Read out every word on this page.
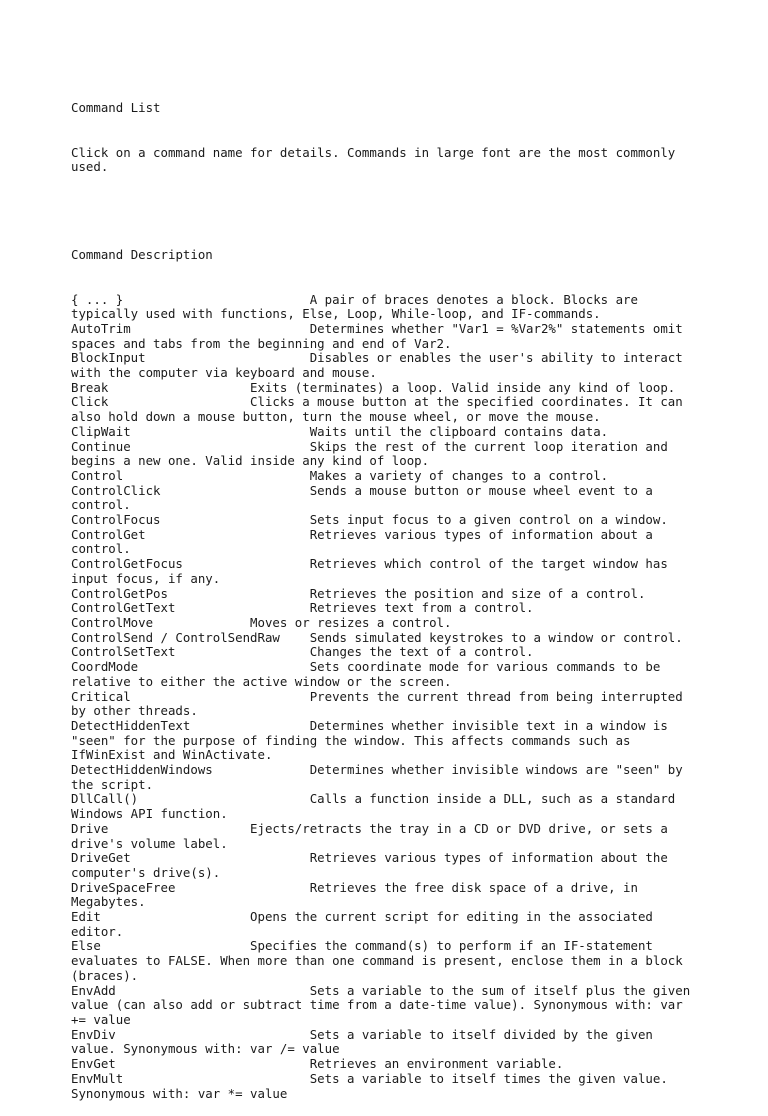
Command List

Click on a command name for details. Commands in large font are the most commonly used.

Command	Description

{ ... }				A pair of braces denotes a block. Blocks are typically used with functions, Else, Loop, While-loop, and IF-commands.
AutoTrim			Determines whether "Var1 = %Var2%" statements omit spaces and tabs from the beginning and end of Var2.
BlockInput			Disables or enables the user's ability to interact with the computer via keyboard and mouse.
Break			Exits (terminates) a loop. Valid inside any kind of loop.
Click			Clicks a mouse button at the specified coordinates. It can also hold down a mouse button, turn the mouse wheel, or move the mouse.
ClipWait			Waits until the clipboard contains data.
Continue			Skips the rest of the current loop iteration and begins a new one. Valid inside any kind of loop.
Control				Makes a variety of changes to a control.
ControlClick			Sends a mouse button or mouse wheel event to a control.
ControlFocus			Sets input focus to a given control on a window.
ControlGet			Retrieves various types of information about a control.
ControlGetFocus			Retrieves which control of the target window has input focus, if any.
ControlGetPos			Retrieves the position and size of a control.
ControlGetText			Retrieves text from a control.
ControlMove		Moves or resizes a control.
ControlSend / ControlSendRaw	Sends simulated keystrokes to a window or control.
ControlSetText			Changes the text of a control.
CoordMode			Sets coordinate mode for various commands to be relative to either the active window or the screen.
Critical			Prevents the current thread from being interrupted by other threads.
DetectHiddenText		Determines whether invisible text in a window is "seen" for the purpose of finding the window. This affects commands such as IfWinExist and WinActivate.
DetectHiddenWindows		Determines whether invisible windows are "seen" by the script.
DllCall()			Calls a function inside a DLL, such as a standard Windows API function.
Drive			Ejects/retracts the tray in a CD or DVD drive, or sets a drive's volume label.
DriveGet			Retrieves various types of information about the computer's drive(s).
DriveSpaceFree			Retrieves the free disk space of a drive, in Megabytes.
Edit			Opens the current script for editing in the associated editor.
Else			Specifies the command(s) to perform if an IF-statement evaluates to FALSE. When more than one command is present, enclose them in a block (braces).
EnvAdd				Sets a variable to the sum of itself plus the given value (can also add or subtract time from a date-time value). Synonymous with: var += value
EnvDiv				Sets a variable to itself divided by the given value. Synonymous with: var /= value
EnvGet				Retrieves an environment variable.
EnvMult				Sets a variable to itself times the given value. Synonymous with: var *= value
